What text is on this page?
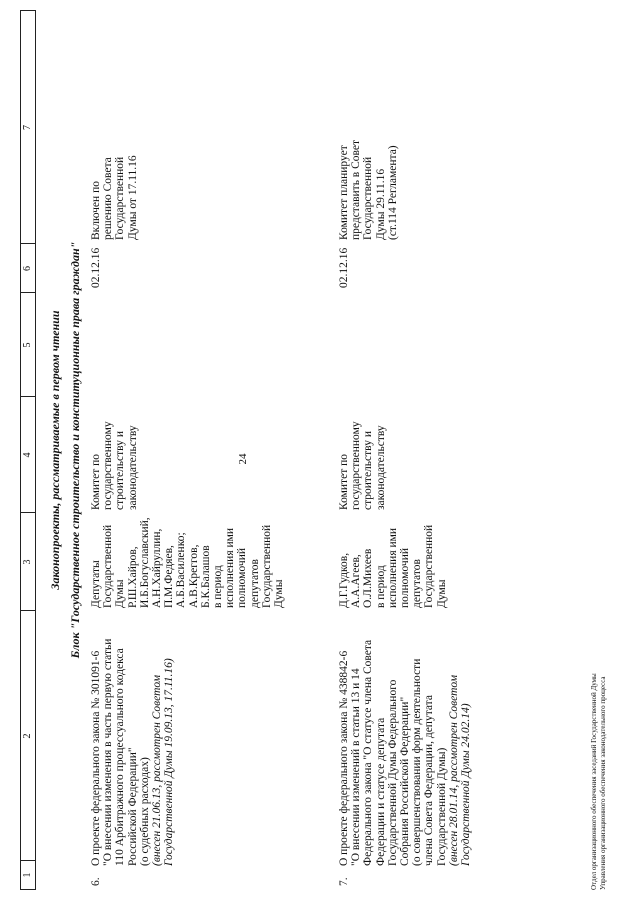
24
1
2
3
4
5
6
7
Законопроекты, рассматриваемые в первом чтении Блок "Государственное строительство и конституционные права граждан"
6.
О проекте федерального закона № 301091-6 "О внесении изменения в часть первую статьи 110 Арбитражного процессуального кодекса Российской Федерации" (о судебных расходах) (внесен 21.06.13, рассмотрен Советом Государственной Думы 19.09.13, 17.11.16)
Депутаты Государственной Думы Р.Ш.Хайров, И.Б.Богуславский, А.Н.Хайруллин, П.М.Федяев, А.Б.Василенко; А.В.Креггов, Б.К.Балашов в период исполнения ими полномочий депутатов Государственной Думы
Комитет по государственному строительству и законодательству
02.12.16
Включен по решению Совета Государственной Думы от 17.11.16
7.
О проекте федерального закона № 438842-6 "О внесении изменений в статьи 13 и 14 Федерального закона "О статусе члена Совета Федерации и статусе депутата Государственной Думы Федерального Собрания Российской Федерации" (о совершенствовании форм деятельности члена Совета Федерации, депутата Государственной Думы) (внесен 28.01.14, рассмотрен Советом Государственной Думы 24.02.14)
Д.Г.Гудков, А.А.Агеев, О.Л.Михеев в период исполнения ими полномочий депутатов Государственной Думы
Комитет по государственному строительству и законодательству
02.12.16
Комитет планирует представить в Совет Государственной Думы 29.11.16 (ст.114 Регламента)
Отдел организационного обеспечения заседаний Государственной Думы Управления организационного обеспечения законодательного процесса
